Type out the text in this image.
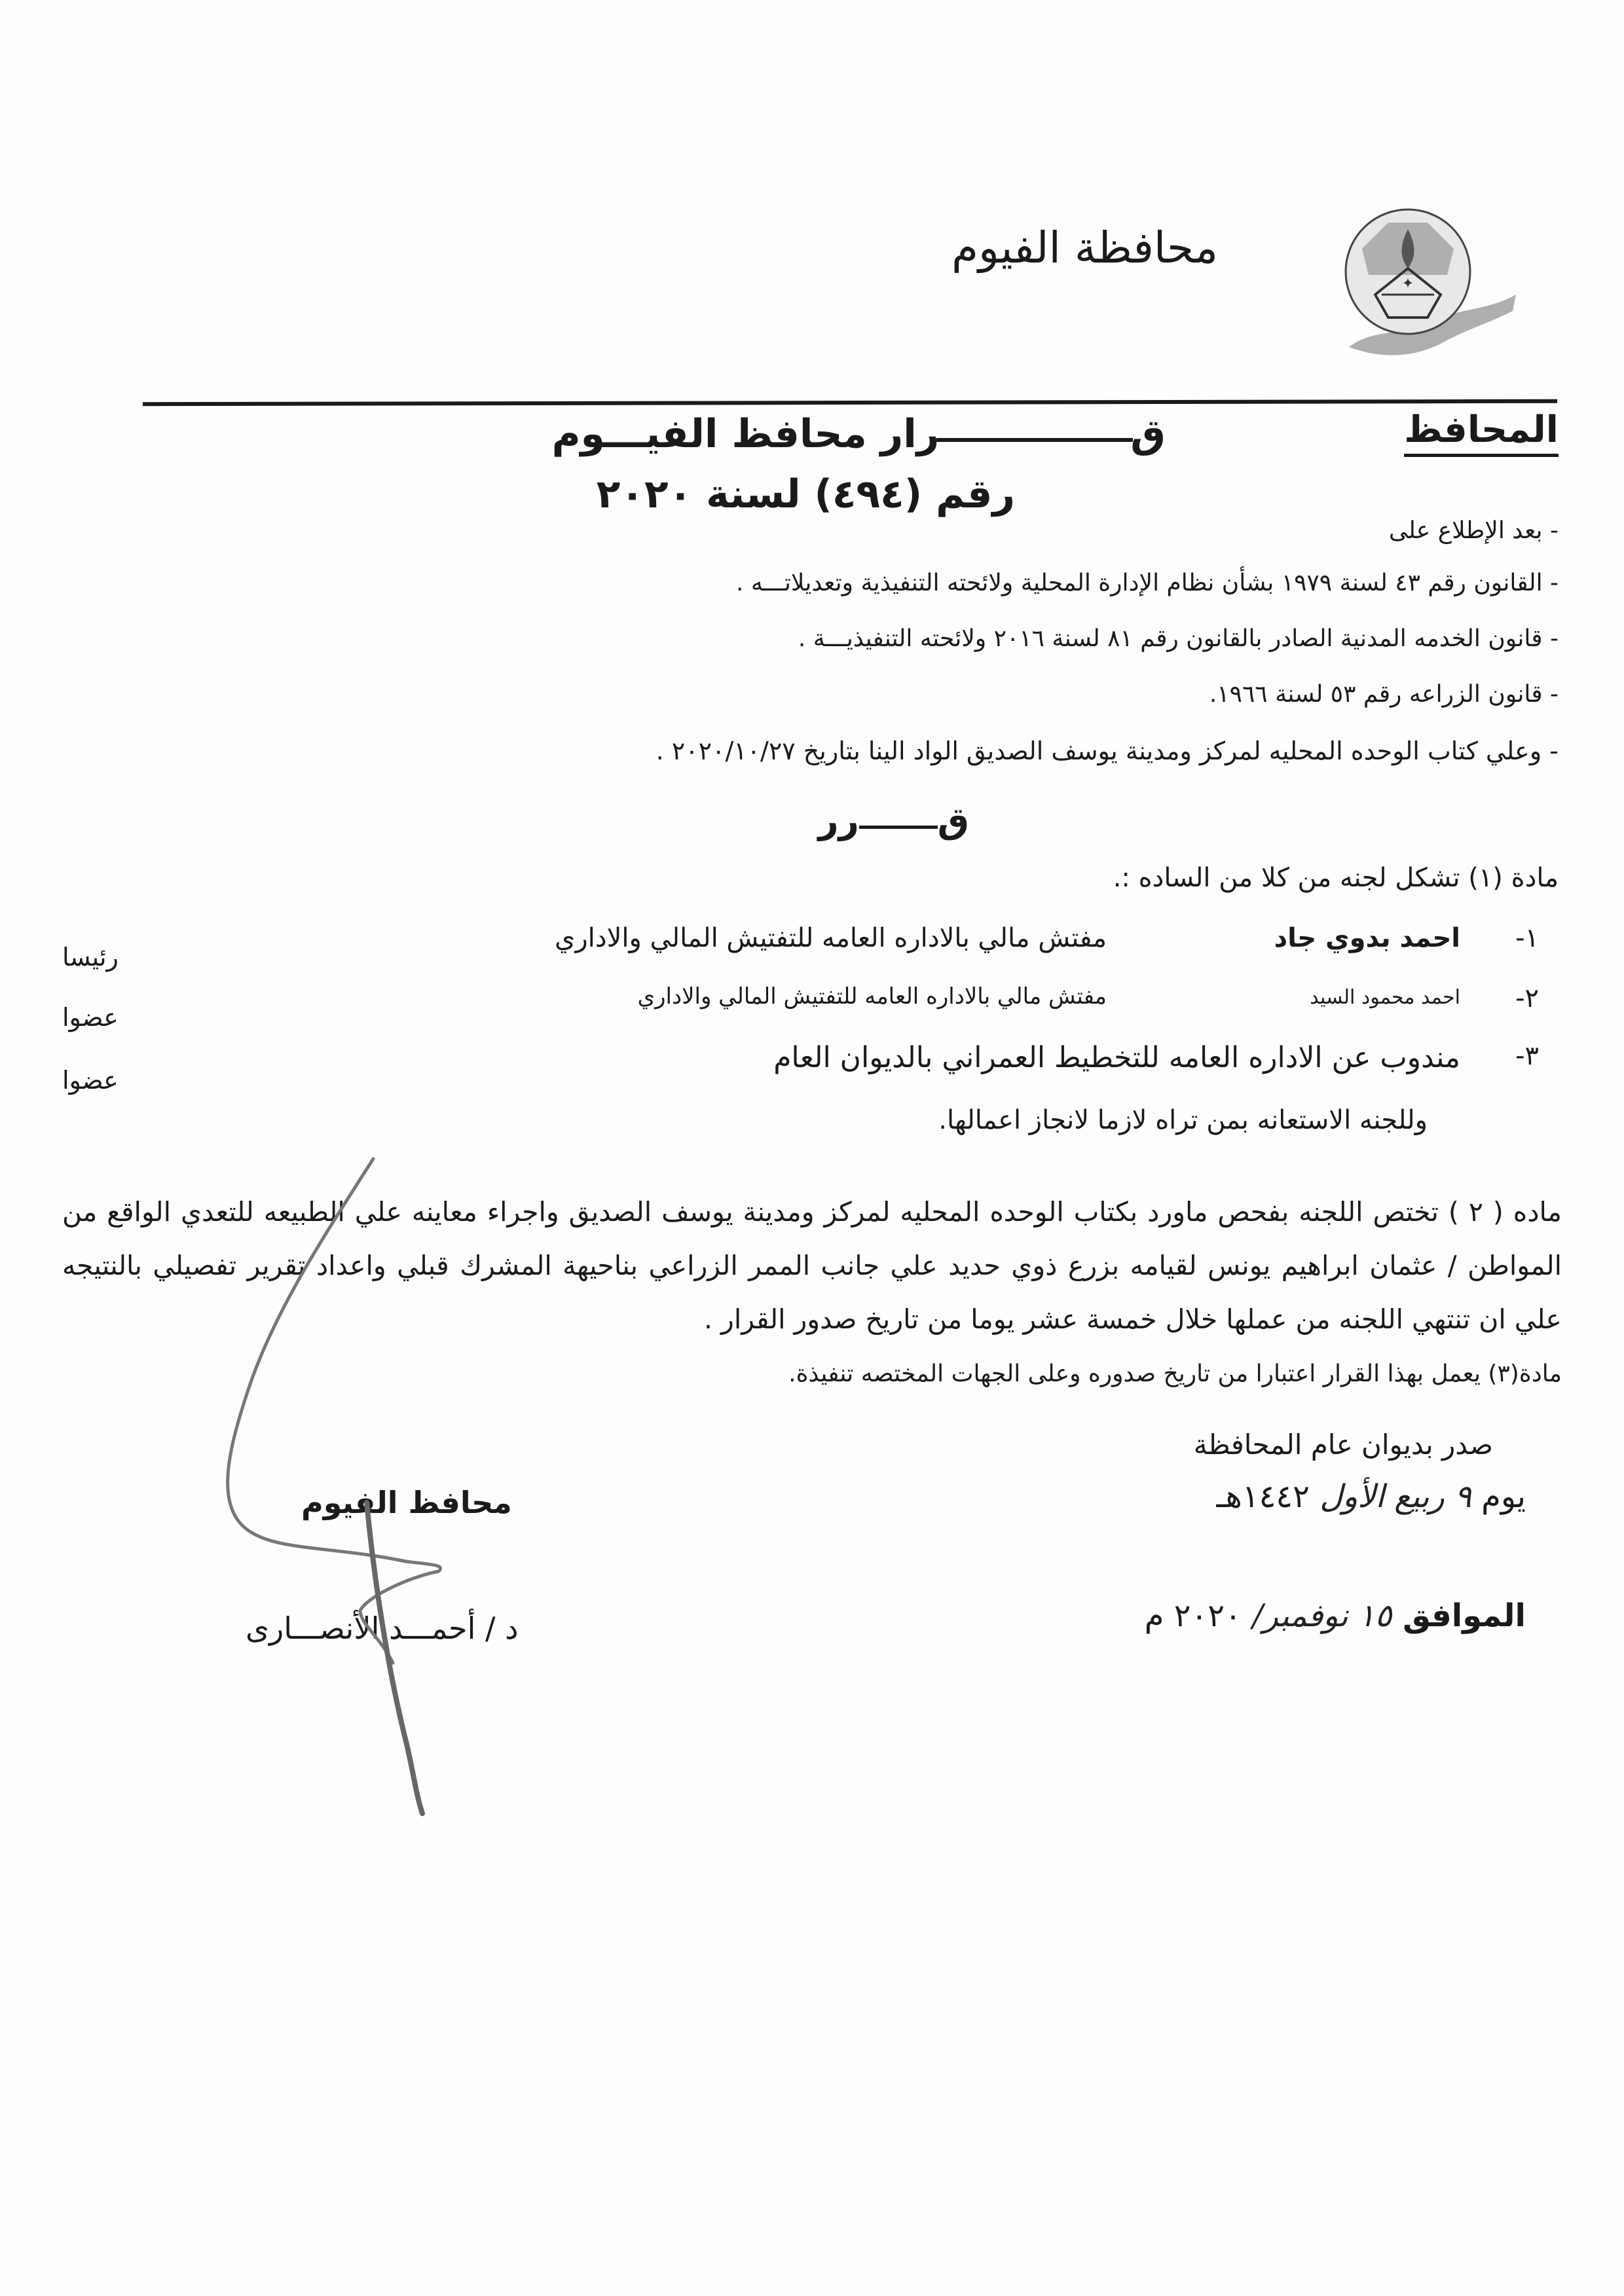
✦
محافظة الفيوم
المحافظ
قرار محافظ الفيـــوم
رقم (٤٩٤) لسنة ٢٠٢٠
- بعد الإطلاع على
- القانون رقم ٤٣ لسنة ١٩٧٩ بشأن نظام الإدارة المحلية ولائحته التنفيذية وتعديلاتـــه .
- قانون الخدمه المدنية الصادر بالقانون رقم ٨١ لسنة ٢٠١٦ ولائحته التنفيذيـــة .
- قانون الزراعه رقم ٥٣ لسنة ١٩٦٦.
- وعلي كتاب الوحده المحليه لمركز ومدينة يوسف الصديق الواد الينا بتاريخ ٢٠٢٠/١٠/٢٧ .
قرر
مادة (١) تشكل لجنه من كلا من الساده :.
١-
احمد بدوي جاد
مفتش مالي بالاداره العامه للتفتيش المالي والاداري
رئيسا
٢-
احمد محمود السيد
مفتش مالي بالاداره العامه للتفتيش المالي والاداري
عضوا
٣-
مندوب عن الاداره العامه للتخطيط العمراني بالديوان العام
عضوا
وللجنه الاستعانه بمن تراه لازما لانجاز اعمالها.
ماده ( ٢ ) تختص اللجنه بفحص ماورد بكتاب الوحده المحليه لمركز ومدينة يوسف الصديق واجراء معاينه علي الطبيعه للتعدي الواقع من المواطن / عثمان ابراهيم يونس لقيامه بزرع ذوي حديد علي جانب الممر الزراعي بناحيهة المشرك قبلي واعداد تقرير تفصيلي بالنتيجه علي ان تنتهي اللجنه من عملها خلال خمسة عشر يوما من تاريخ صدور القرار .
مادة(٣) يعمل بهذا القرار اعتبارا من تاريخ صدوره وعلى الجهات المختصه تنفيذة.
صدر بديوان عام المحافظة
يوم ٩ ربيع الأول ١٤٤٢هـ
الموافق ١٥ نوفمبر/ ٢٠٢٠ م
محافظ الفيوم
د / أحمـــد الأنصـــارى
